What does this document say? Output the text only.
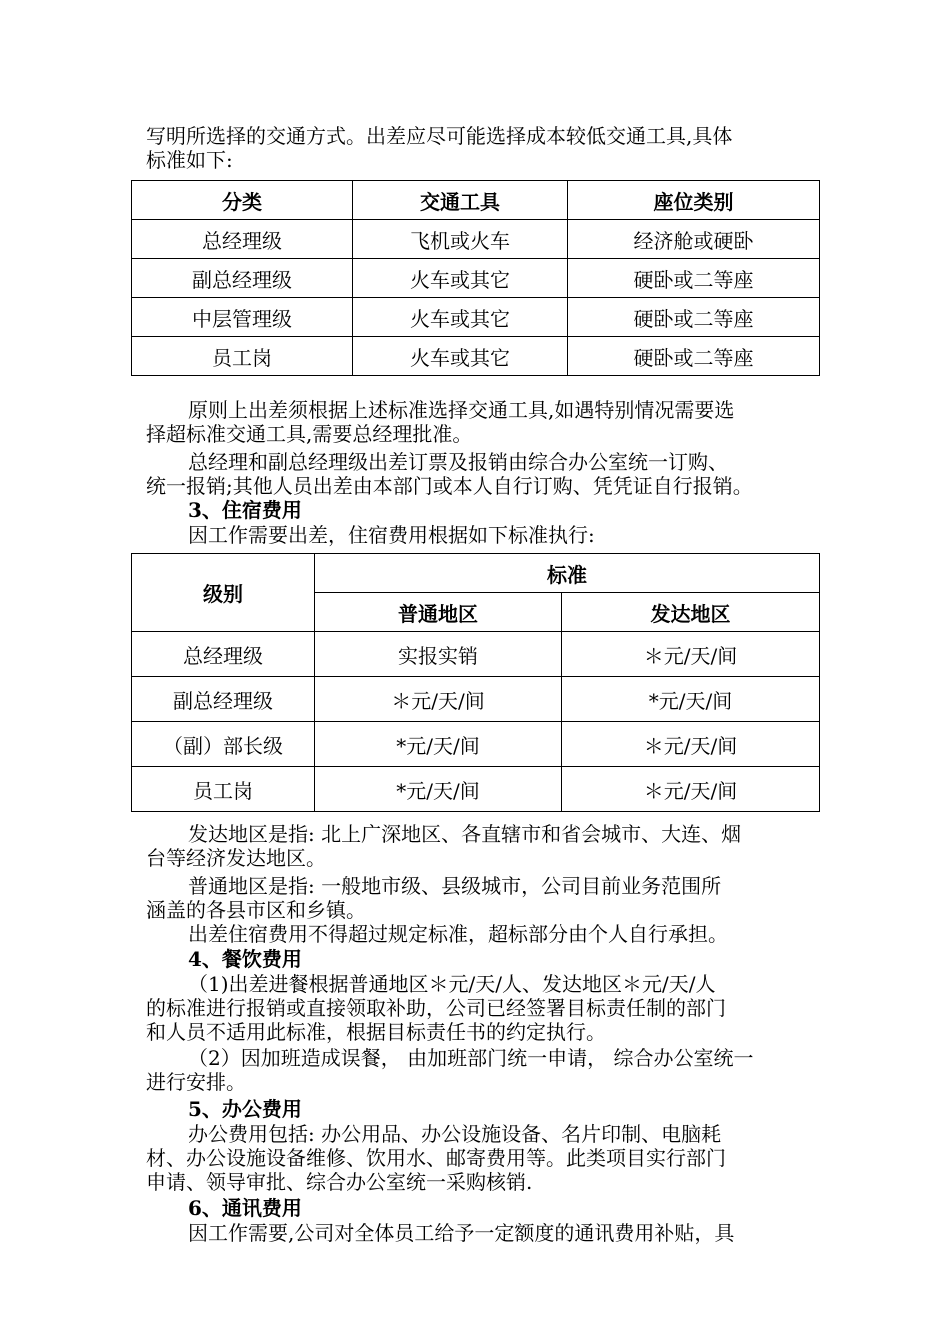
写明所选择的交通方式。出差应尽可能选择成本较低交通工具,具体
标准如下:
分类	交通工具	座位类别
总经理级	飞机或火车	经济舱或硬卧
副总经理级	火车或其它	硬卧或二等座
中层管理级	火车或其它	硬卧或二等座
员工岗	火车或其它	硬卧或二等座
原则上出差须根据上述标准选择交通工具,如遇特别情况需要选
择超标准交通工具,需要总经理批准。
总经理和副总经理级出差订票及报销由综合办公室统一订购、
统一报销;其他人员出差由本部门或本人自行订购、凭凭证自行报销。
3、住宿费用
因工作需要出差，住宿费用根据如下标准执行:
级别	标准	
	普通地区	发达地区
总经理级	实报实销	＊元/天/间
副总经理级	＊元/天/间	*元/天/间
（副）部长级	*元/天/间	＊元/天/间
员工岗	*元/天/间	＊元/天/间
发达地区是指: 北上广深地区、各直辖市和省会城市、大连、烟
台等经济发达地区。
普通地区是指: 一般地市级、县级城市，公司目前业务范围所
涵盖的各县市区和乡镇。
出差住宿费用不得超过规定标准，超标部分由个人自行承担。
4、餐饮费用
（1)出差进餐根据普通地区＊元/天/人、发达地区＊元/天/人
的标准进行报销或直接领取补助，公司已经签署目标责任制的部门
和人员不适用此标准，根据目标责任书的约定执行。
（2）因加班造成误餐， 由加班部门统一申请， 综合办公室统一
进行安排。
5、办公费用
办公费用包括: 办公用品、办公设施设备、名片印制、电脑耗
材、办公设施设备维修、饮用水、邮寄费用等。此类项目实行部门
申请、领导审批、综合办公室统一采购核销.
6、通讯费用
因工作需要,公司对全体员工给予一定额度的通讯费用补贴，具
